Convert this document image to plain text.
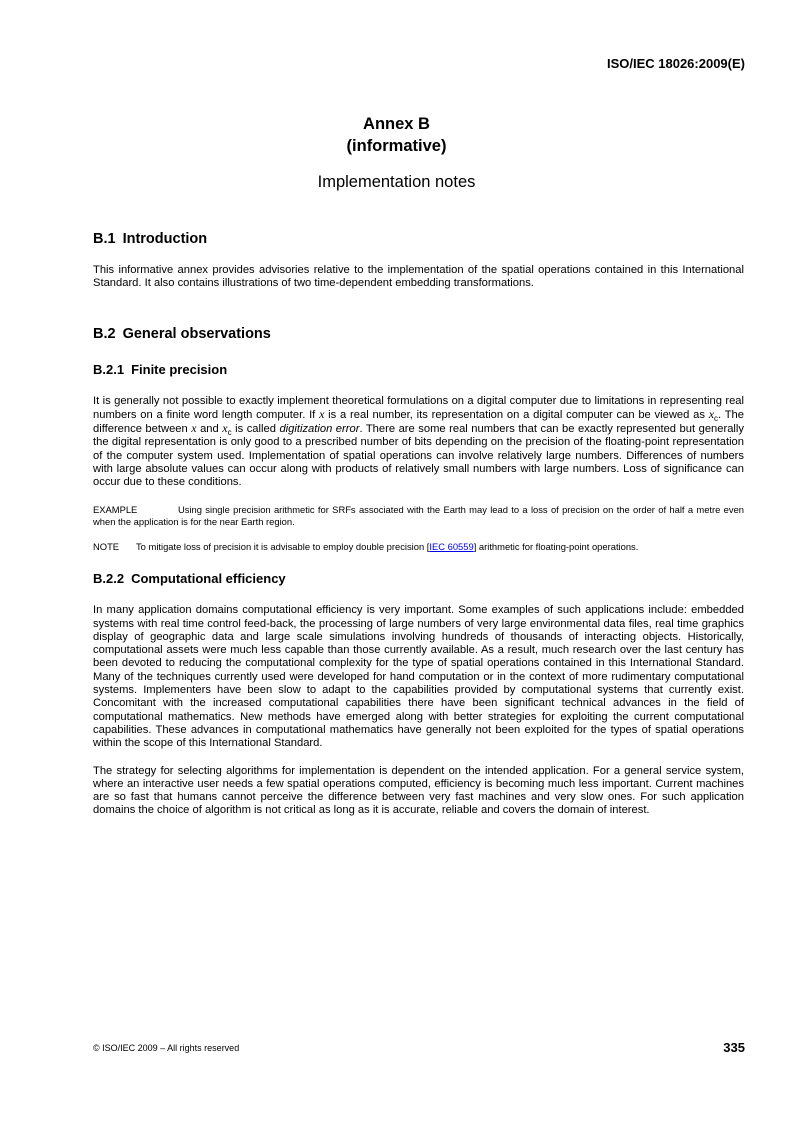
ISO/IEC 18026:2009(E)
Annex B
(informative)
Implementation notes
B.1 Introduction

This informative annex provides advisories relative to the implementation of the spatial operations contained in this International Standard. It also contains illustrations of two time-dependent embedding transformations.

B.2 General observations
B.2.1 Finite precision

It is generally not possible to exactly implement theoretical formulations on a digital computer due to limitations in representing real numbers on a finite word length computer. If x is a real number, its representation on a digital computer can be viewed as $x_c$. The difference between x and $x_c$ is called digitization error. There are some real numbers that can be exactly represented but generally the digital representation is only good to a prescribed number of bits depending on the precision of the floating-point representation of the computer system used. Implementation of spatial operations can involve relatively large numbers. Differences of numbers with large absolute values can occur along with products of relatively small numbers with large numbers. Loss of significance can occur due to these conditions.

EXAMPLE	Using single precision arithmetic for SRFs associated with the Earth may lead to a loss of precision on the order of half a metre even when the application is for the near Earth region.

NOTE To mitigate loss of precision it is advisable to employ double precision [IEC 60559] arithmetic for floating-point operations.

B.2.2 Computational efficiency

In many application domains computational efficiency is very important. Some examples of such applications include: embedded systems with real time control feed-back, the processing of large numbers of very large environmental data files, real time graphics display of geographic data and large scale simulations involving hundreds of thousands of interacting objects. Historically, computational assets were much less capable than those currently available. As a result, much research over the last century has been devoted to reducing the computational complexity for the type of spatial operations contained in this International Standard. Many of the techniques currently used were developed for hand computation or in the context of more rudimentary computational systems. Implementers have been slow to adapt to the capabilities provided by computational systems that currently exist. Concomitant with the increased computational capabilities there have been significant technical advances in the field of computational mathematics. New methods have emerged along with better strategies for exploiting the current computational capabilities. These advances in computational mathematics have generally not been exploited for the types of spatial operations within the scope of this International Standard.

The strategy for selecting algorithms for implementation is dependent on the intended application. For a general service system, where an interactive user needs a few spatial operations computed, efficiency is becoming much less important. Current machines are so fast that humans cannot perceive the difference between very fast machines and very slow ones. For such application domains the choice of algorithm is not critical as long as it is accurate, reliable and covers the domain of interest.

© ISO/IEC 2009 – All rights reserved	335
